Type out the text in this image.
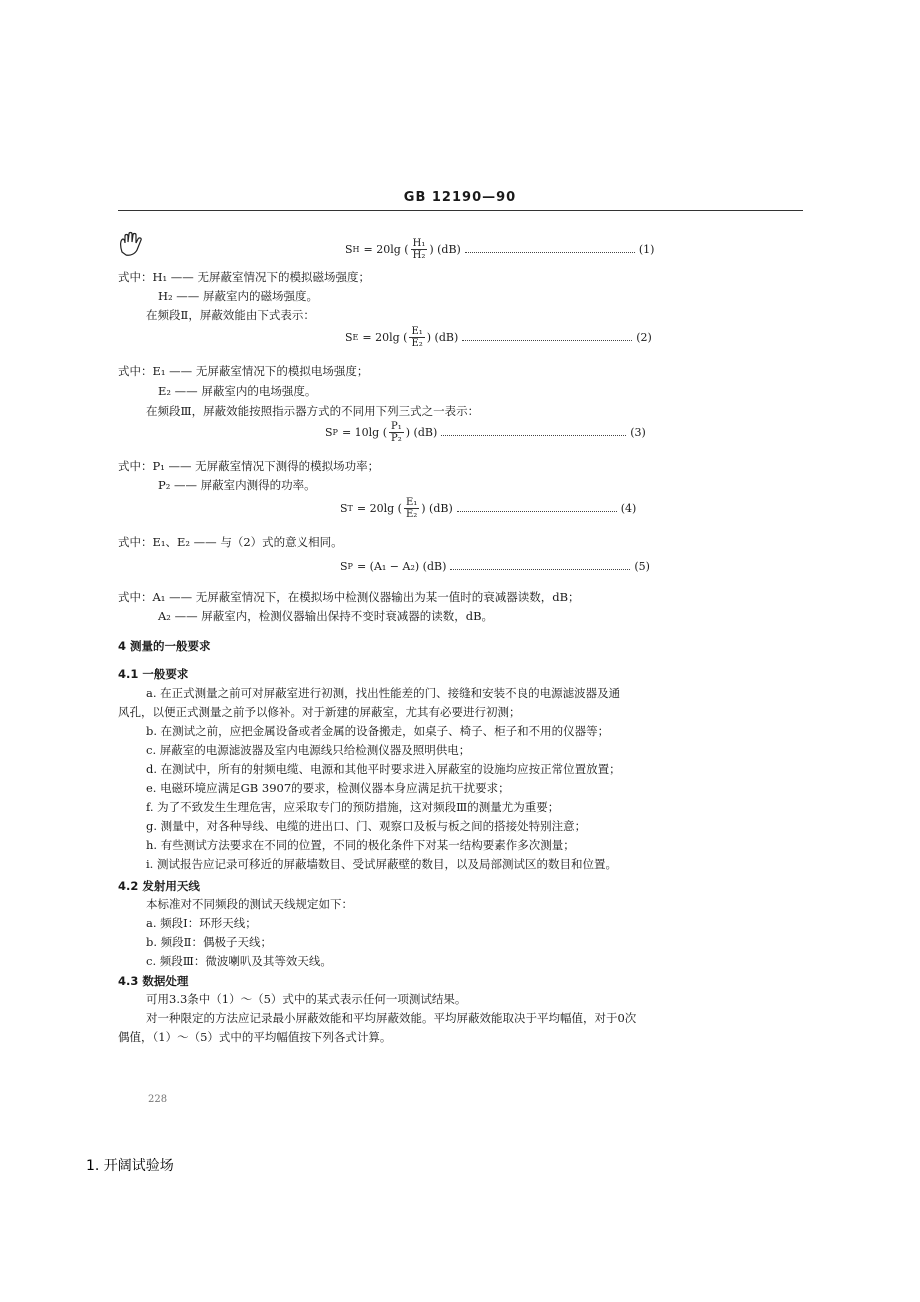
GB 12190—90
S H = 20lg ( $\frac{\text{H₁}}{\text{H₂}}$ ) (dB)	(1)
式中：H₁ —— 无屏蔽室情况下的模拟磁场强度；
H₂ —— 屏蔽室内的磁场强度。
在频段Ⅱ，屏蔽效能由下式表示：
S E = 20lg ( $\frac{\text{E₁}}{\text{E₂}}$ ) (dB)	(2)
式中：E₁ —— 无屏蔽室情况下的模拟电场强度；
E₂ —— 屏蔽室内的电场强度。
在频段Ⅲ，屏蔽效能按照指示器方式的不同用下列三式之一表示：
S P = 10lg ( $\frac{\text{P₁}}{\text{P₂}}$ ) (dB)	(3)
式中：P₁ —— 无屏蔽室情况下测得的模拟场功率；
P₂ —— 屏蔽室内测得的功率。
S T = 20lg ( $\frac{\text{E₁}}{\text{E₂}}$ ) (dB)	(4)
式中：E₁、E₂ —— 与（2）式的意义相同。
S P = (A₁ − A₂) (dB)	(5)
式中：A₁ —— 无屏蔽室情况下，在模拟场中检测仪器输出为某一值时的衰减器读数，dB；
A₂ —— 屏蔽室内，检测仪器输出保持不变时衰减器的读数，dB。
4 测量的一般要求
4.1 一般要求
a. 在正式测量之前可对屏蔽室进行初测，找出性能差的门、接缝和安装不良的电源滤波器及通
风孔，以便正式测量之前予以修补。对于新建的屏蔽室，尤其有必要进行初测；
b. 在测试之前，应把金属设备或者金属的设备搬走，如桌子、椅子、柜子和不用的仪器等；
c. 屏蔽室的电源滤波器及室内电源线只给检测仪器及照明供电；
d. 在测试中，所有的射频电缆、电源和其他平时要求进入屏蔽室的设施均应按正常位置放置；
e. 电磁环境应满足GB 3907的要求，检测仪器本身应满足抗干扰要求；
f. 为了不致发生生理危害，应采取专门的预防措施，这对频段Ⅲ的测量尤为重要；
g. 测量中，对各种导线、电缆的进出口、门、观察口及板与板之间的搭接处特别注意；
h. 有些测试方法要求在不同的位置，不同的极化条件下对某一结构要素作多次测量；
i. 测试报告应记录可移近的屏蔽墙数目、受试屏蔽壁的数目，以及局部测试区的数目和位置。
4.2 发射用天线
本标准对不同频段的测试天线规定如下：
a. 频段Ⅰ：环形天线；
b. 频段Ⅱ：偶极子天线；
c. 频段Ⅲ：微波喇叭及其等效天线。
4.3 数据处理
可用3.3条中（1）～（5）式中的某式表示任何一项测试结果。
对一种限定的方法应记录最小屏蔽效能和平均屏蔽效能。平均屏蔽效能取决于平均幅值，对于0次
偶值，（1）～（5）式中的平均幅值按下列各式计算。
228
1. 开阔试验场
